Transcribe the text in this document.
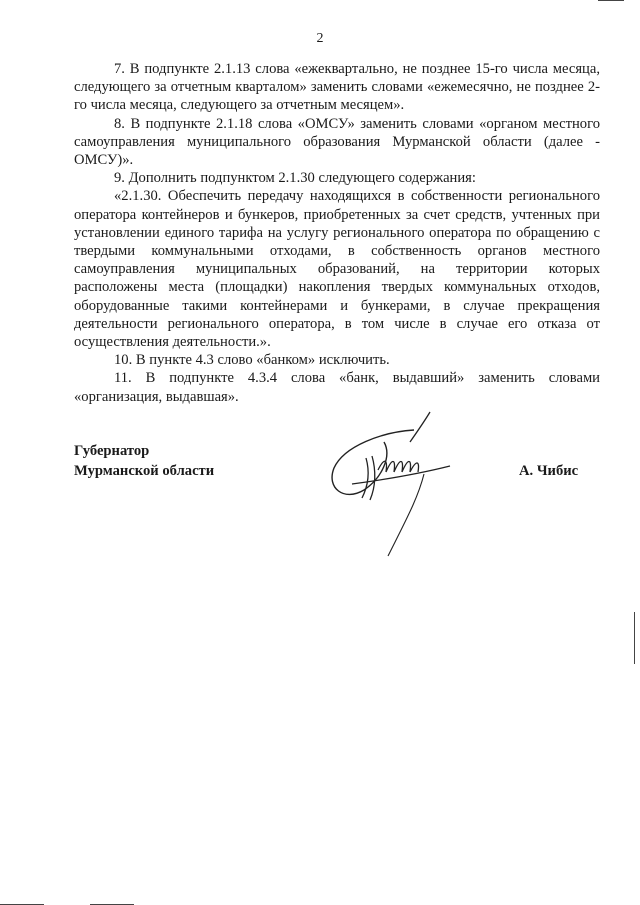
2

7. В подпункте 2.1.13 слова «ежеквартально, не позднее 15-го числа месяца, следующего за отчетным кварталом» заменить словами «ежемесячно, не позднее 2-го числа месяца, следующего за отчетным месяцем».

8. В подпункте 2.1.18 слова «ОМСУ» заменить словами «органом местного самоуправления муниципального образования Мурманской области (далее - ОМСУ)».

9. Дополнить подпунктом 2.1.30 следующего содержания:

«2.1.30. Обеспечить передачу находящихся в собственности регионального оператора контейнеров и бункеров, приобретенных за счет средств, учтенных при установлении единого тарифа на услугу регионального оператора по обращению с твердыми коммунальными отходами, в собственность органов местного самоуправления муниципальных образований, на территории которых расположены места (площадки) накопления твердых коммунальных отходов, оборудованные такими контейнерами и бункерами, в случае прекращения деятельности регионального оператора, в том числе в случае его отказа от осуществления деятельности.».

10. В пункте 4.3 слово «банком» исключить.

11. В подпункте 4.3.4 слова «банк, выдавший» заменить словами «организация, выдавшая».

Губернатор
Мурманской области	А. Чибис
